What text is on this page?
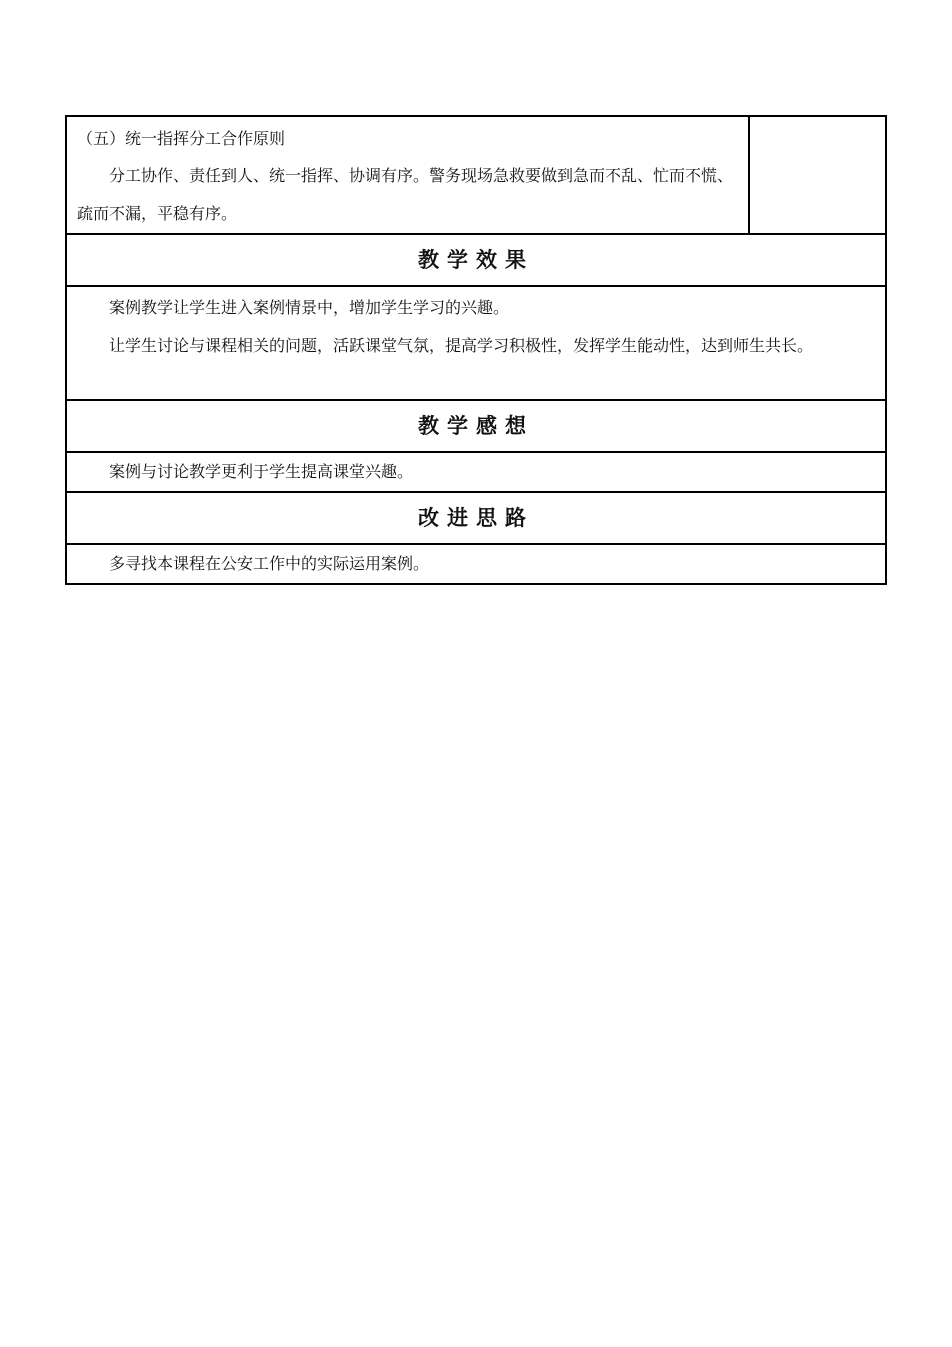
（五）统一指挥分工合作原则

分工协作、责任到人、统一指挥、协调有序。警务现场急救要做到急而不乱、忙而不慌、疏而不漏，平稳有序。

教学效果

案例教学让学生进入案例情景中，增加学生学习的兴趣。

让学生讨论与课程相关的问题，活跃课堂气氛，提高学习积极性，发挥学生能动性，达到师生共长。

教学感想

案例与讨论教学更利于学生提高课堂兴趣。

改进思路

多寻找本课程在公安工作中的实际运用案例。
